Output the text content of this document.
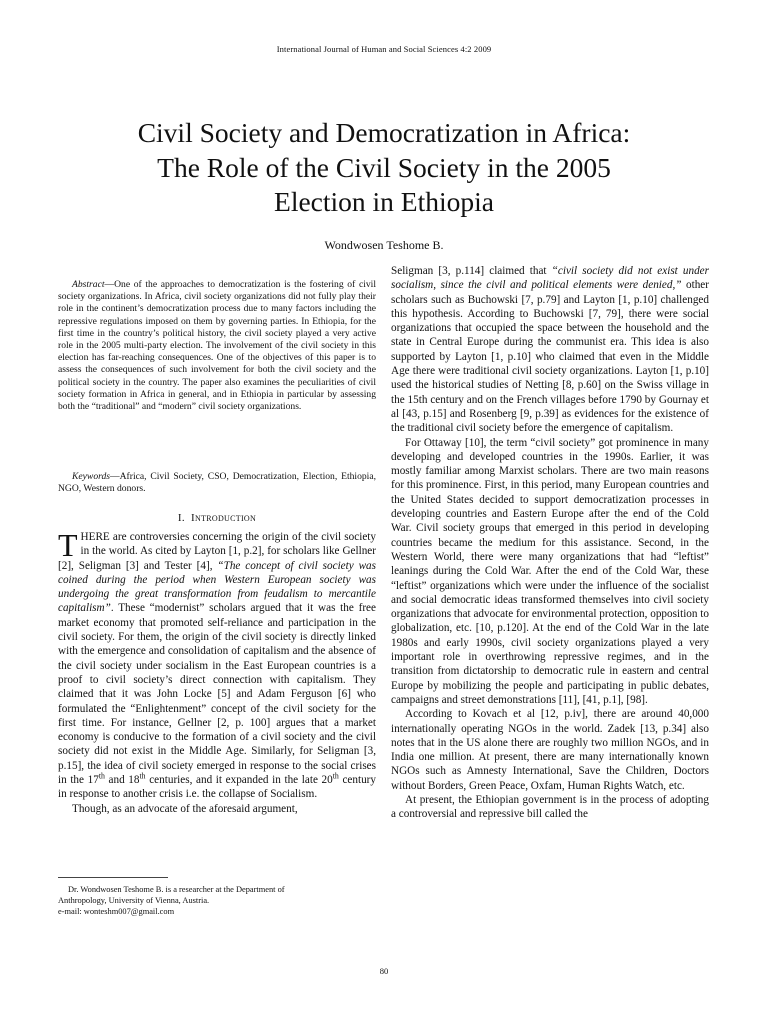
International Journal of Human and Social Sciences 4:2 2009
Civil Society and Democratization in Africa:
The Role of the Civil Society in the 2005
Election in Ethiopia
Wondwosen Teshome B.

Abstract—One of the approaches to democratization is the fostering of civil society organizations. In Africa, civil society organizations did not fully play their role in the continent’s democratization process due to many factors including the repressive regulations imposed on them by governing parties. In Ethiopia, for the first time in the country’s political history, the civil society played a very active role in the 2005 multi-party election. The involvement of the civil society in this election has far-reaching consequences. One of the objectives of this paper is to assess the consequences of such involvement for both the civil society and the political society in the country. The paper also examines the peculiarities of civil society formation in Africa in general, and in Ethiopia in particular by assessing both the “traditional” and “modern” civil society organizations.

Keywords—Africa, Civil Society, CSO, Democratization, Election, Ethiopia, NGO, Western donors.

I. Introduction

THERE are controversies concerning the origin of the civil society in the world. As cited by Layton [1, p.2], for scholars like Gellner [2], Seligman [3] and Tester [4], “The concept of civil society was coined during the period when Western European society was undergoing the great transformation from feudalism to mercantile capitalism”. These “modernist” scholars argued that it was the free market economy that promoted self-reliance and participation in the civil society. For them, the origin of the civil society is directly linked with the emergence and consolidation of capitalism and the absence of the civil society under socialism in the East European countries is a proof to civil society’s direct connection with capitalism. They claimed that it was John Locke [5] and Adam Ferguson [6] who formulated the “Enlightenment” concept of the civil society for the first time. For instance, Gellner [2, p. 100] argues that a market economy is conducive to the formation of a civil society and the civil society did not exist in the Middle Age. Similarly, for Seligman [3, p.15], the idea of civil society emerged in response to the social crises in the 17th and 18th centuries, and it expanded in the late 20th century in response to another crisis i.e. the collapse of Socialism.

Though, as an advocate of the aforesaid argument,

Seligman [3, p.114] claimed that “civil society did not exist under socialism, since the civil and political elements were denied,” other scholars such as Buchowski [7, p.79] and Layton [1, p.10] challenged this hypothesis. According to Buchowski [7, 79], there were social organizations that occupied the space between the household and the state in Central Europe during the communist era. This idea is also supported by Layton [1, p.10] who claimed that even in the Middle Age there were traditional civil society organizations. Layton [1, p.10] used the historical studies of Netting [8, p.60] on the Swiss village in the 15th century and on the French villages before 1790 by Gournay et al [43, p.15] and Rosenberg [9, p.39] as evidences for the existence of the traditional civil society before the emergence of capitalism.

For Ottaway [10], the term “civil society” got prominence in many developing and developed countries in the 1990s. Earlier, it was mostly familiar among Marxist scholars. There are two main reasons for this prominence. First, in this period, many European countries and the United States decided to support democratization processes in developing countries and Eastern Europe after the end of the Cold War. Civil society groups that emerged in this period in developing countries became the medium for this assistance. Second, in the Western World, there were many organizations that had “leftist” leanings during the Cold War. After the end of the Cold War, these “leftist” organizations which were under the influence of the socialist and social democratic ideas transformed themselves into civil society organizations that advocate for environmental protection, opposition to globalization, etc. [10, p.120]. At the end of the Cold War in the late 1980s and early 1990s, civil society organizations played a very important role in overthrowing repressive regimes, and in the transition from dictatorship to democratic rule in eastern and central Europe by mobilizing the people and participating in public debates, campaigns and street demonstrations [11], [41, p.1], [98].

According to Kovach et al [12, p.iv], there are around 40,000 internationally operating NGOs in the world. Zadek [13, p.34] also notes that in the US alone there are roughly two million NGOs, and in India one million. At present, there are many internationally known NGOs such as Amnesty International, Save the Children, Doctors without Borders, Green Peace, Oxfam, Human Rights Watch, etc.

At present, the Ethiopian government is in the process of adopting a controversial and repressive bill called the

Dr. Wondwosen Teshome B. is a researcher at the Department of
Anthropology, University of Vienna, Austria.
e-mail: wonteshm007@gmail.com
80
